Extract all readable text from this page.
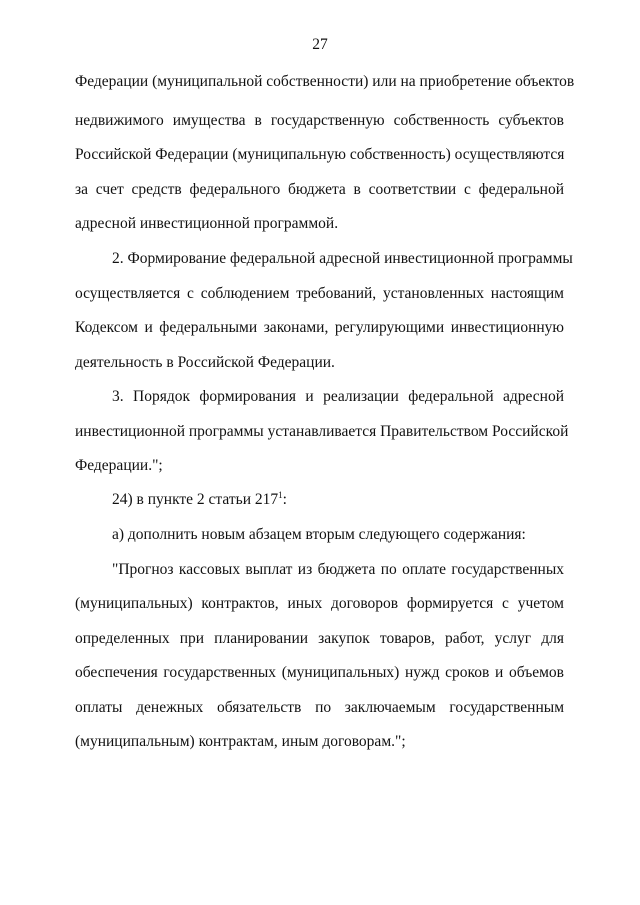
27
Федерации (муниципальной собственности) или на приобретение объектов
недвижимого имущества в государственную собственность субъектов
Российской Федерации (муниципальную собственность) осуществляются
за счет средств федерального бюджета в соответствии с федеральной
адресной инвестиционной программой.
2. Формирование федеральной адресной инвестиционной программы
осуществляется с соблюдением требований, установленных настоящим
Кодексом и федеральными законами, регулирующими инвестиционную
деятельность в Российской Федерации.
3. Порядок формирования и реализации федеральной адресной
инвестиционной программы устанавливается Правительством Российской
Федерации.";
24) в пункте 2 статьи $217^1$:
а) дополнить новым абзацем вторым следующего содержания:
"Прогноз кассовых выплат из бюджета по оплате государственных
(муниципальных) контрактов, иных договоров формируется с учетом
определенных при планировании закупок товаров, работ, услуг для
обеспечения государственных (муниципальных) нужд сроков и объемов
оплаты денежных обязательств по заключаемым государственным
(муниципальным) контрактам, иным договорам.";
